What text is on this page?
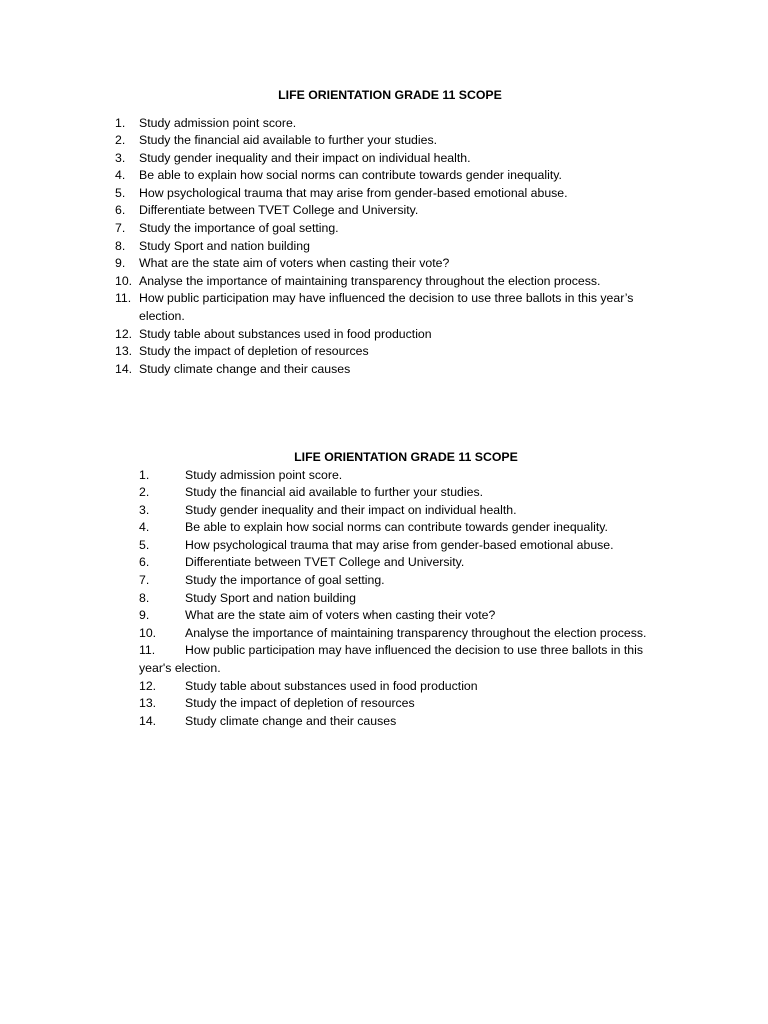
LIFE ORIENTATION GRADE 11 SCOPE

1.	Study admission point score.
2.	Study the financial aid available to further your studies.
3.	Study gender inequality and their impact on individual health.
4.	Be able to explain how social norms can contribute towards gender inequality.
5.	How psychological trauma that may arise from gender-based emotional abuse.
6.	Differentiate between TVET College and University.
7.	Study the importance of goal setting.
8.	Study Sport and nation building
9.	What are the state aim of voters when casting their vote?
10. Analyse the importance of maintaining transparency throughout the election process.
11. How public participation may have influenced the decision to use three ballots in this year’s election.
12. Study table about substances used in food production
13. Study the impact of depletion of resources
14. Study climate change and their causes

LIFE ORIENTATION GRADE 11 SCOPE

1.	Study admission point score.
2.	Study the financial aid available to further your studies.
3.	Study gender inequality and their impact on individual health.
4.	Be able to explain how social norms can contribute towards gender inequality.
5.	How psychological trauma that may arise from gender-based emotional abuse.
6.	Differentiate between TVET College and University.
7.	Study the importance of goal setting.
8.	Study Sport and nation building
9.	What are the state aim of voters when casting their vote?
10. Analyse the importance of maintaining transparency throughout the election process.
11. How public participation may have influenced the decision to use three ballots in this year's election.
12. Study table about substances used in food production
13. Study the impact of depletion of resources
14. Study climate change and their causes
